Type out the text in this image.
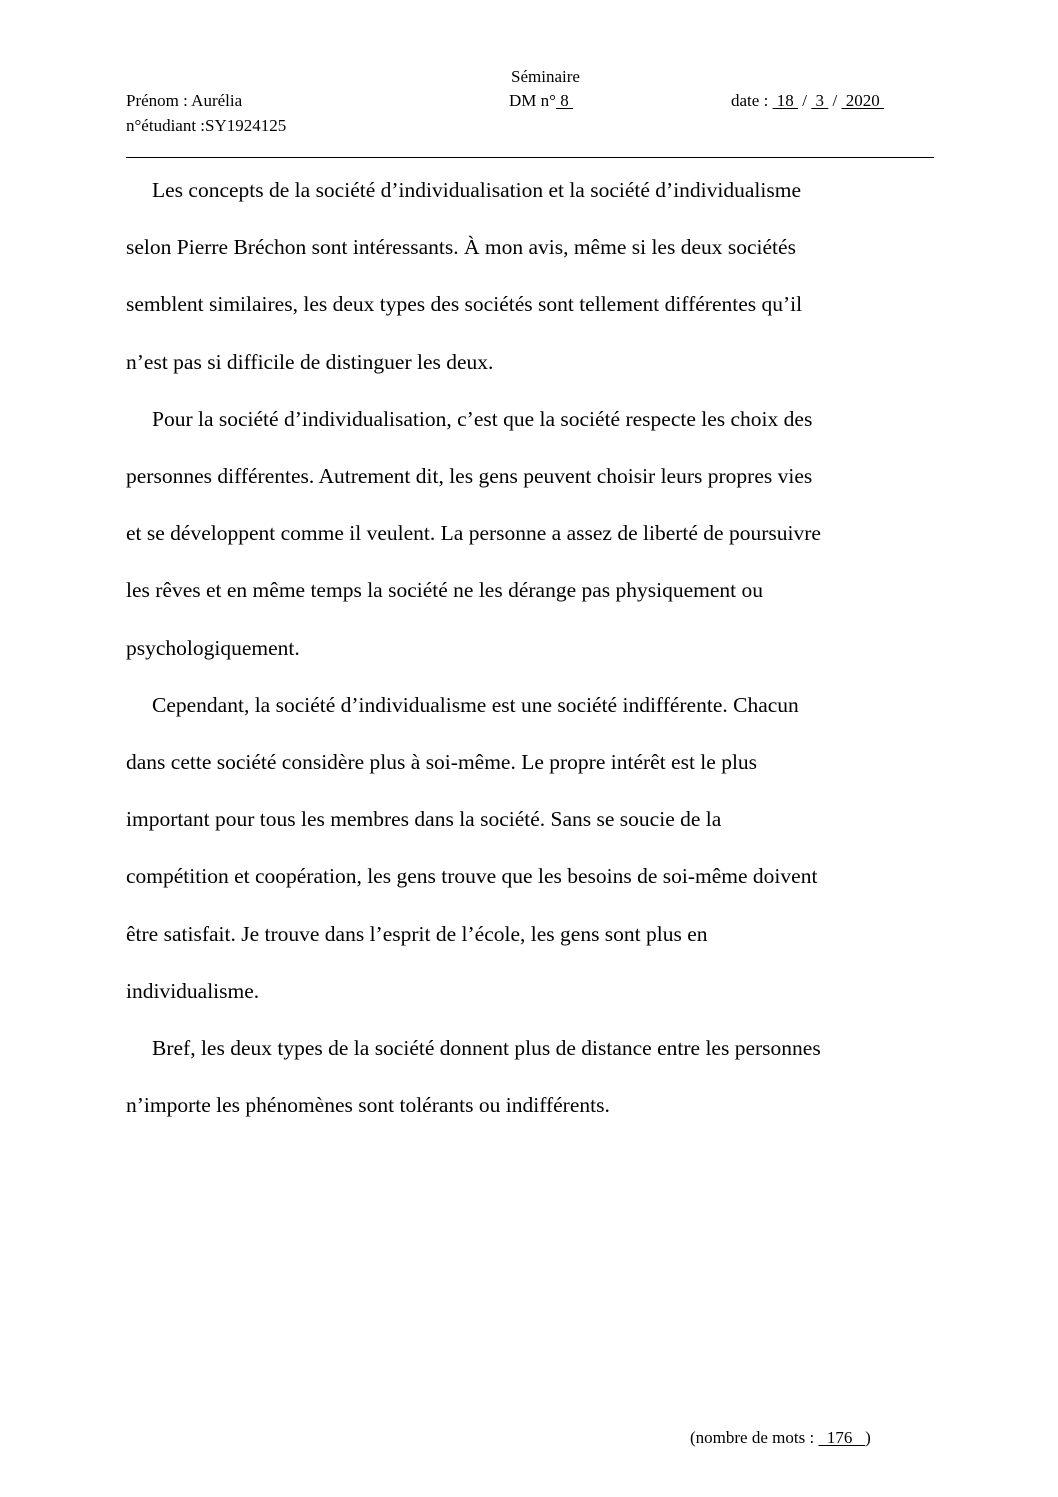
Séminaire
Prénom : Aurélia	DM n° 8	date :  18  /  3  /  2020
n°étudiant :SY1924125

Les concepts de la société d’individualisation et la société d’individualisme
selon Pierre Bréchon sont intéressants. À mon avis, même si les deux sociétés
semblent similaires, les deux types des sociétés sont tellement différentes qu’il
n’est pas si difficile de distinguer les deux.

Pour la société d’individualisation, c’est que la société respecte les choix des
personnes différentes. Autrement dit, les gens peuvent choisir leurs propres vies
et se développent comme il veulent. La personne a assez de liberté de poursuivre
les rêves et en même temps la société ne les dérange pas physiquement ou
psychologiquement.

Cependant, la société d’individualisme est une société indifférente. Chacun
dans cette société considère plus à soi-même. Le propre intérêt est le plus
important pour tous les membres dans la société. Sans se soucie de la
compétition et coopération, les gens trouve que les besoins de soi-même doivent
être satisfait. Je trouve dans l’esprit de l’école, les gens sont plus en
individualisme.

Bref, les deux types de la société donnent plus de distance entre les personnes
n’importe les phénomènes sont tolérants ou indifférents.

(nombre de mots :   176   )
